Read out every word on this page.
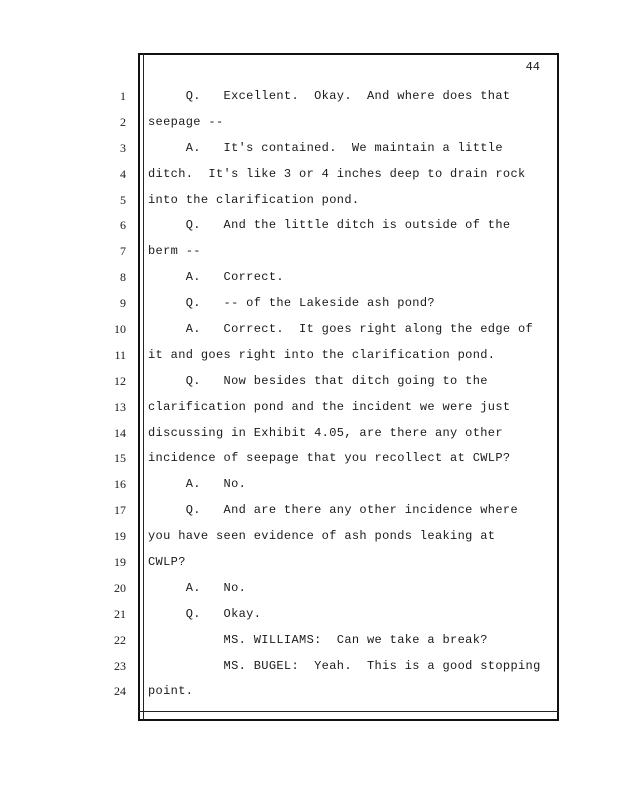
44
1
2
3
4
5
6
7
8
9
10
11
12
13
14
15
16
17
19
19
20
21
22
23
24
Q.   Excellent.  Okay.  And where does that
seepage --
A.   It's contained.  We maintain a little
ditch.  It's like 3 or 4 inches deep to drain rock
into the clarification pond.
Q.   And the little ditch is outside of the
berm --
A.   Correct.
Q.   -- of the Lakeside ash pond?
A.   Correct.  It goes right along the edge of
it and goes right into the clarification pond.
Q.   Now besides that ditch going to the
clarification pond and the incident we were just
discussing in Exhibit 4.05, are there any other
incidence of seepage that you recollect at CWLP?
A.   No.
Q.   And are there any other incidence where
you have seen evidence of ash ponds leaking at
CWLP?
A.   No.
Q.   Okay.
MS. WILLIAMS:  Can we take a break?
MS. BUGEL:  Yeah.  This is a good stopping
point.
